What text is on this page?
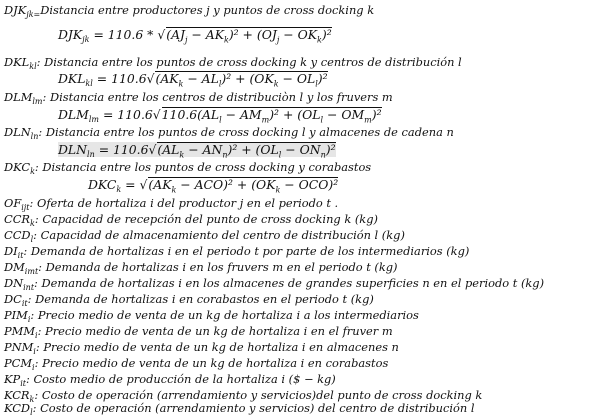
$DJK_{jk=}Distancia$ entre productores j y puntos de cross docking k
$DJK_{jk} = 110.6 * √(AJ_j - AK_k)^2 + (OJ_j - OK_k)^2$
$DKL_{kl}$: Distancia entre los puntos de cross docking k y centros de distribución l
$DKL_{kl} = 110.6√(AK_k - AL_l)^2 + (OK_k - OL_l)^2$
$DLM_{lm}$: Distancia entre los centros de distribuciòn l y los fruvers m
$DLM_{lm} = 110.6√110.6(AL_l - AM_m)^2 + (OL_l - OM_m)^2$
$DLN_{ln}$: Distancia entre los puntos de cross docking l y almacenes de cadena n
$DLN_{ln} = 110.6√(AL_k - AN_n)^2 + (OL_l - ON_n)^2$
$DKC_k$: Distancia entre los puntos de cross docking y corabastos
$DKC_k = √(AK_k - ACO)^2 + (OK_k - OCO)^2$
$OF_{ijt}$: Oferta de hortaliza i del productor j en el periodo t .
$CCR_k$: Capacidad de recepción del punto de cross docking k (kg)
$CCD_l$: Capacidad de almacenamiento del centro de distribución l (kg)
$DI_{it}$: Demanda de hortalizas i en el periodo t por parte de los intermediarios (kg)
$DM_{imt}$: Demanda de hortalizas i en los fruvers m en el periodo t (kg)
$DN_{int}$: Demanda de hortalizas i en los almacenes de grandes superficies n en el periodo t (kg)
$DC_{it}$: Demanda de hortalizas i en corabastos en el periodo t (kg)
$PIM_i$: Precio medio de venta de un kg de hortaliza i a los intermediarios
$PMM_i$: Precio medio de venta de un kg de hortaliza i en el fruver m
$PNM_i$: Precio medio de venta de un kg de hortaliza i en almacenes n
$PCM_i$: Precio medio de venta de un kg de hortaliza i en corabastos
$KP_{it}$: Costo medio de producción de la hortaliza i ($ − kg)
$KCR_k$: Costo de operación (arrendamiento y servicios)del punto de cross docking k
$KCD_l$: Costo de operación (arrendamiento y servicios) del centro de distribución l
